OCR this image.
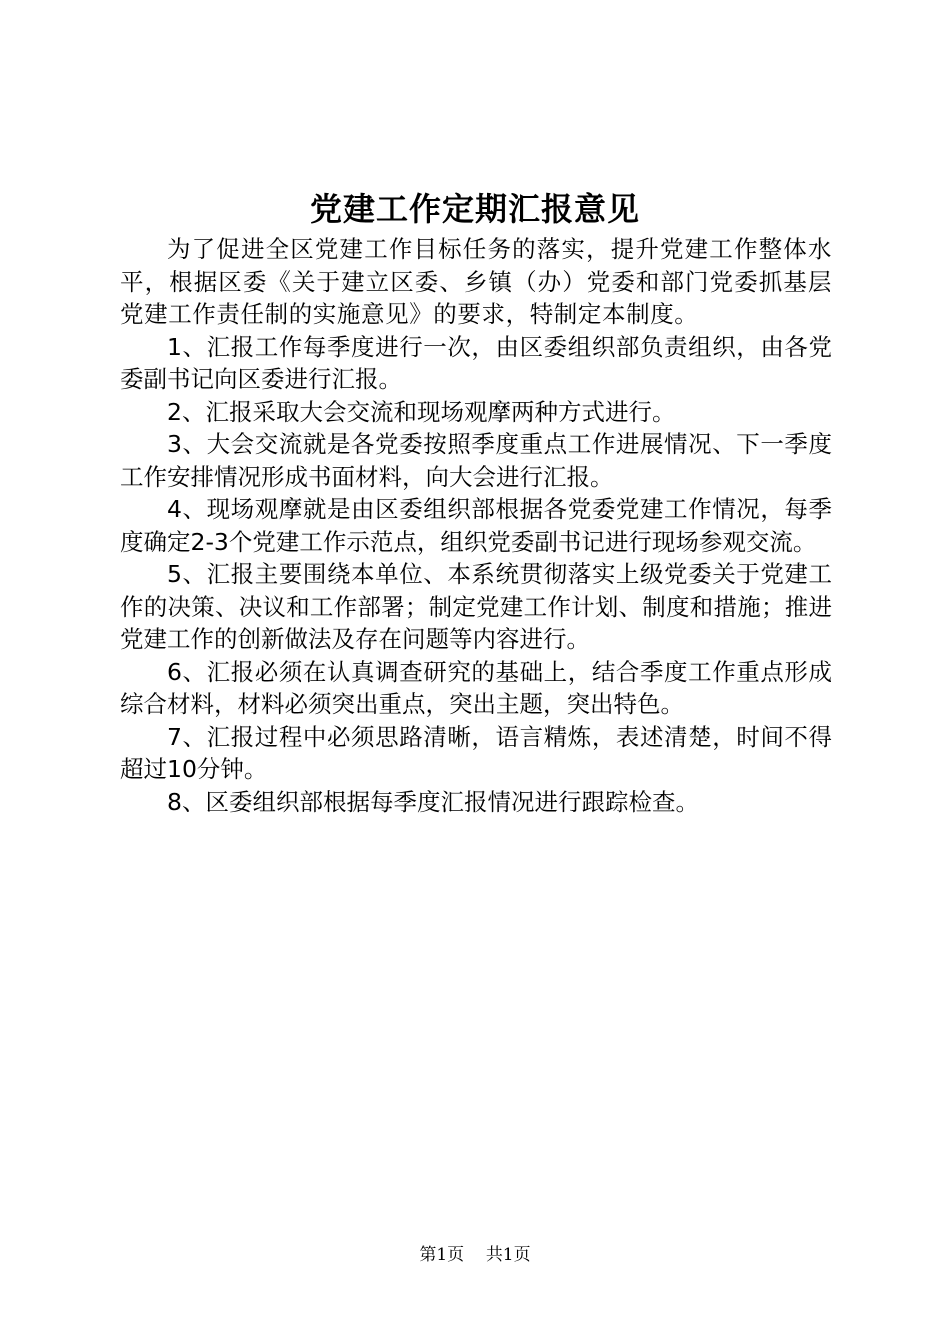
党建工作定期汇报意见

为了促进全区党建工作目标任务的落实，提升党建工作整体水平，根据区委《关于建立区委、乡镇（办）党委和部门党委抓基层党建工作责任制的实施意见》的要求，特制定本制度。

1、汇报工作每季度进行一次，由区委组织部负责组织，由各党委副书记向区委进行汇报。

2、汇报采取大会交流和现场观摩两种方式进行。

3、大会交流就是各党委按照季度重点工作进展情况、下一季度工作安排情况形成书面材料，向大会进行汇报。

4、现场观摩就是由区委组织部根据各党委党建工作情况，每季度确定2-3个党建工作示范点，组织党委副书记进行现场参观交流。

5、汇报主要围绕本单位、本系统贯彻落实上级党委关于党建工作的决策、决议和工作部署；制定党建工作计划、制度和措施；推进党建工作的创新做法及存在问题等内容进行。

6、汇报必须在认真调查研究的基础上，结合季度工作重点形成综合材料，材料必须突出重点，突出主题，突出特色。

7、汇报过程中必须思路清晰，语言精炼，表述清楚，时间不得超过10分钟。

8、区委组织部根据每季度汇报情况进行跟踪检查。

第1页 共1页
